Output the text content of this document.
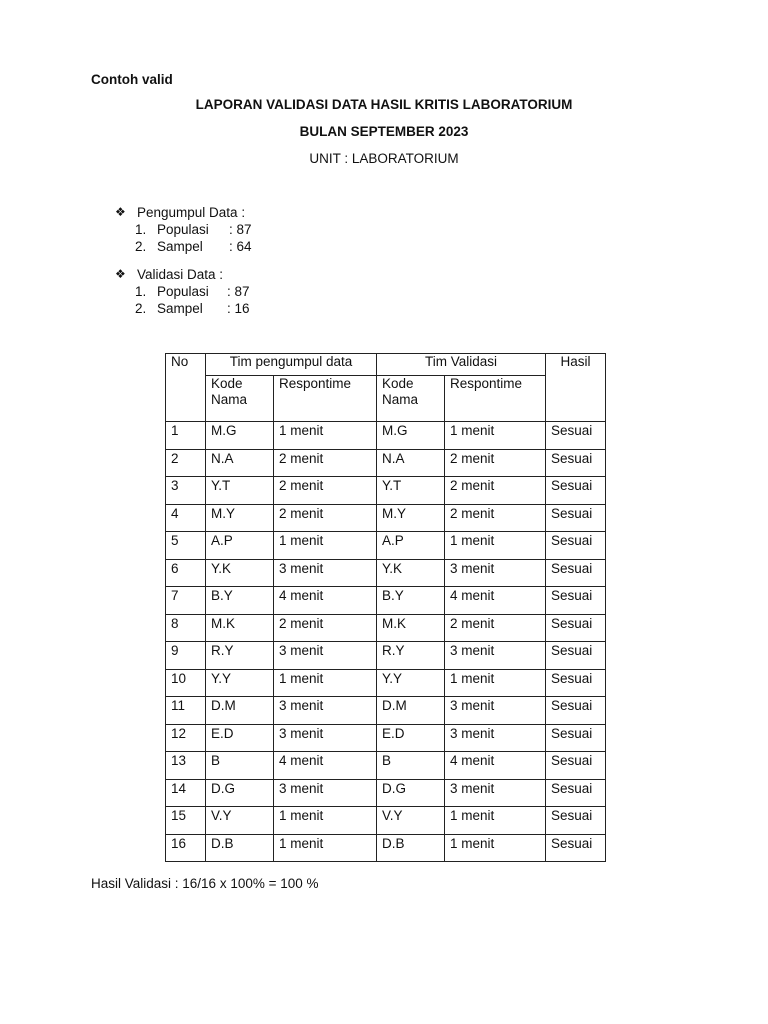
Contoh valid
LAPORAN VALIDASI DATA HASIL KRITIS LABORATORIUM
BULAN SEPTEMBER 2023
UNIT : LABORATORIUM
❖ Pengumpul Data :
1. Populasi	: 87
2. Sampel	: 64
❖ Validasi Data :
1. Populasi	: 87
2. Sampel	: 16
No	Tim pengumpul data		Tim Validasi		Hasil
	Kode Nama	Respontime	Kode Nama	Respontime	
1	M.G	1 menit	M.G	1 menit	Sesuai
2	N.A	2 menit	N.A	2 menit	Sesuai
3	Y.T	2 menit	Y.T	2 menit	Sesuai
4	M.Y	2 menit	M.Y	2 menit	Sesuai
5	A.P	1 menit	A.P	1 menit	Sesuai
6	Y.K	3 menit	Y.K	3 menit	Sesuai
7	B.Y	4 menit	B.Y	4 menit	Sesuai
8	M.K	2 menit	M.K	2 menit	Sesuai
9	R.Y	3 menit	R.Y	3 menit	Sesuai
10	Y.Y	1 menit	Y.Y	1 menit	Sesuai
11	D.M	3 menit	D.M	3 menit	Sesuai
12	E.D	3 menit	E.D	3 menit	Sesuai
13	B	4 menit	B	4 menit	Sesuai
14	D.G	3 menit	D.G	3 menit	Sesuai
15	V.Y	1 menit	V.Y	1 menit	Sesuai
16	D.B	1 menit	D.B	1 menit	Sesuai
Hasil Validasi : 16/16 x 100% = 100 %
